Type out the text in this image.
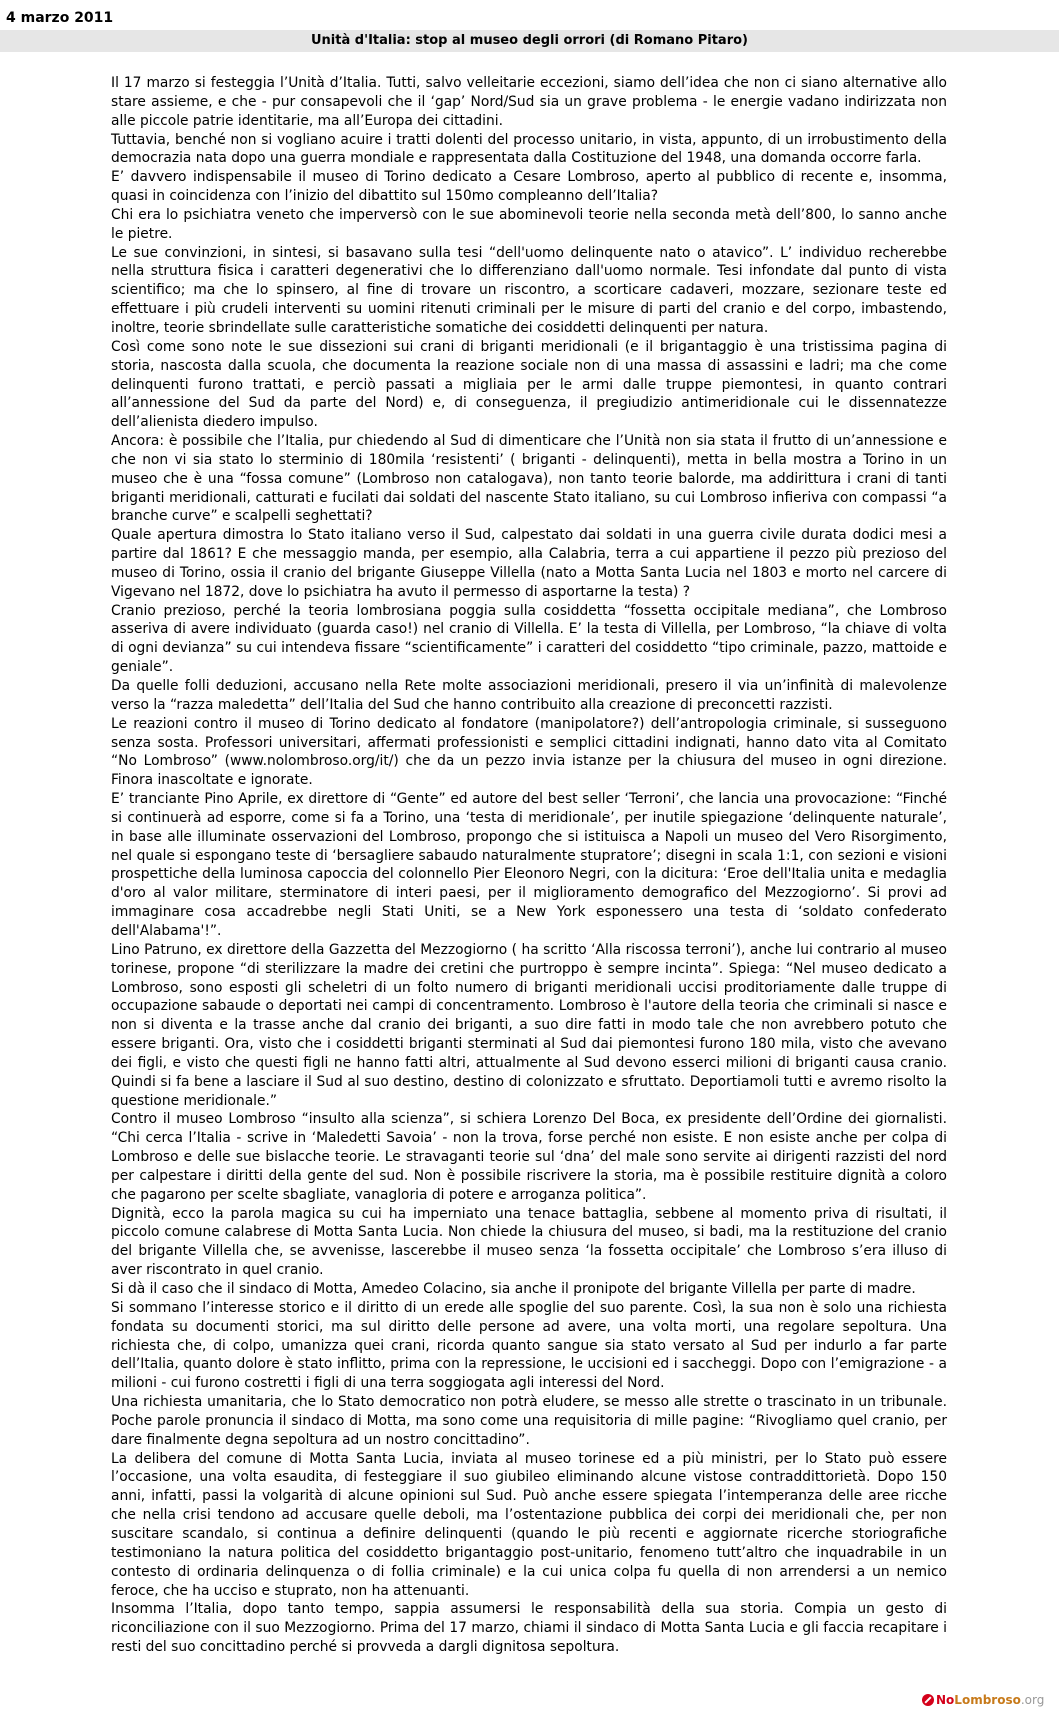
4 marzo 2011
Unità d'Italia: stop al museo degli orrori (di Romano Pitaro)

Il 17 marzo si festeggia l’Unità d’Italia. Tutti, salvo velleitarie eccezioni, siamo dell’idea che non ci siano alternative allo stare assieme, e che - pur consapevoli che il ‘gap’ Nord/Sud sia un grave problema - le energie vadano indirizzata non alle piccole patrie identitarie, ma all’Europa dei cittadini.

Tuttavia, benché non si vogliano acuire i tratti dolenti del processo unitario, in vista, appunto, di un irrobustimento della democrazia nata dopo una guerra mondiale e rappresentata dalla Costituzione del 1948, una domanda occorre farla.

E’ davvero indispensabile il museo di Torino dedicato a Cesare Lombroso, aperto al pubblico di recente e, insomma, quasi in coincidenza con l’inizio del dibattito sul 150mo compleanno dell’Italia?

Chi era lo psichiatra veneto che imperversò con le sue abominevoli teorie nella seconda metà dell’800, lo sanno anche le pietre.

Le sue convinzioni, in sintesi, si basavano sulla tesi “dell'uomo delinquente nato o atavico”. L’ individuo recherebbe nella struttura fisica i caratteri degenerativi che lo differenziano dall'uomo normale. Tesi infondate dal punto di vista scientifico; ma che lo spinsero, al fine di trovare un riscontro, a scorticare cadaveri, mozzare, sezionare teste ed effettuare i più crudeli interventi su uomini ritenuti criminali per le misure di parti del cranio e del corpo, imbastendo, inoltre, teorie sbrindellate sulle caratteristiche somatiche dei cosiddetti delinquenti per natura.

Così come sono note le sue dissezioni sui crani di briganti meridionali (e il brigantaggio è una tristissima pagina di storia, nascosta dalla scuola, che documenta la reazione sociale non di una massa di assassini e ladri; ma che come delinquenti furono trattati, e perciò passati a migliaia per le armi dalle truppe piemontesi, in quanto contrari all’annessione del Sud da parte del Nord) e, di conseguenza, il pregiudizio antimeridionale cui le dissennatezze dell’alienista diedero impulso.

Ancora: è possibile che l’Italia, pur chiedendo al Sud di dimenticare che l’Unità non sia stata il frutto di un’annessione e che non vi sia stato lo sterminio di 180mila ‘resistenti’ ( briganti - delinquenti), metta in bella mostra a Torino in un museo che è una “fossa comune” (Lombroso non catalogava), non tanto teorie balorde, ma addirittura i crani di tanti briganti meridionali, catturati e fucilati dai soldati del nascente Stato italiano, su cui Lombroso infieriva con compassi “a branche curve” e scalpelli seghettati?

Quale apertura dimostra lo Stato italiano verso il Sud, calpestato dai soldati in una guerra civile durata dodici mesi a partire dal 1861? E che messaggio manda, per esempio, alla Calabria, terra a cui appartiene il pezzo più prezioso del museo di Torino, ossia il cranio del brigante Giuseppe Villella (nato a Motta Santa Lucia nel 1803 e morto nel carcere di Vigevano nel 1872, dove lo psichiatra ha avuto il permesso di asportarne la testa) ?

Cranio prezioso, perché la teoria lombrosiana poggia sulla cosiddetta “fossetta occipitale mediana”, che Lombroso asseriva di avere individuato (guarda caso!) nel cranio di Villella. E’ la testa di Villella, per Lombroso, “la chiave di volta di ogni devianza” su cui intendeva fissare “scientificamente” i caratteri del cosiddetto “tipo criminale, pazzo, mattoide e geniale”.

Da quelle folli deduzioni, accusano nella Rete molte associazioni meridionali, presero il via un’infinità di malevolenze verso la “razza maledetta” dell’Italia del Sud che hanno contribuito alla creazione di preconcetti razzisti.

Le reazioni contro il museo di Torino dedicato al fondatore (manipolatore?) dell’antropologia criminale, si susseguono senza sosta. Professori universitari, affermati professionisti e semplici cittadini indignati, hanno dato vita al Comitato “No Lombroso” (www.nolombroso.org/it/) che da un pezzo invia istanze per la chiusura del museo in ogni direzione. Finora inascoltate e ignorate.

E’ tranciante Pino Aprile, ex direttore di “Gente” ed autore del best seller ‘Terroni’, che lancia una provocazione: “Finché si continuerà ad esporre, come si fa a Torino, una ‘testa di meridionale’, per inutile spiegazione ‘delinquente naturale’, in base alle illuminate osservazioni del Lombroso, propongo che si istituisca a Napoli un museo del Vero Risorgimento, nel quale si espongano teste di ‘bersagliere sabaudo naturalmente stupratore’; disegni in scala 1:1, con sezioni e visioni prospettiche della luminosa capoccia del colonnello Pier Eleonoro Negri, con la dicitura: ‘Eroe dell'Italia unita e medaglia d'oro al valor militare, sterminatore di interi paesi, per il miglioramento demografico del Mezzogiorno’. Si provi ad immaginare cosa accadrebbe negli Stati Uniti, se a New York esponessero una testa di ‘soldato confederato dell'Alabama'!”.

Lino Patruno, ex direttore della Gazzetta del Mezzogiorno ( ha scritto ‘Alla riscossa terroni’), anche lui contrario al museo torinese, propone “di sterilizzare la madre dei cretini che purtroppo è sempre incinta”. Spiega: “Nel museo dedicato a Lombroso, sono esposti gli scheletri di un folto numero di briganti meridionali uccisi proditoriamente dalle truppe di occupazione sabaude o deportati nei campi di concentramento. Lombroso è l'autore della teoria che criminali si nasce e non si diventa e la trasse anche dal cranio dei briganti, a suo dire fatti in modo tale che non avrebbero potuto che essere briganti. Ora, visto che i cosiddetti briganti sterminati al Sud dai piemontesi furono 180 mila, visto che avevano dei figli, e visto che questi figli ne hanno fatti altri, attualmente al Sud devono esserci milioni di briganti causa cranio. Quindi si fa bene a lasciare il Sud al suo destino, destino di colonizzato e sfruttato. Deportiamoli tutti e avremo risolto la questione meridionale.”

Contro il museo Lombroso “insulto alla scienza”, si schiera Lorenzo Del Boca, ex presidente dell’Ordine dei giornalisti. “Chi cerca l’Italia - scrive in ‘Maledetti Savoia’ - non la trova, forse perché non esiste. E non esiste anche per colpa di Lombroso e delle sue bislacche teorie. Le stravaganti teorie sul ‘dna’ del male sono servite ai dirigenti razzisti del nord per calpestare i diritti della gente del sud. Non è possibile riscrivere la storia, ma è possibile restituire dignità a coloro che pagarono per scelte sbagliate, vanagloria di potere e arroganza politica”.

Dignità, ecco la parola magica su cui ha imperniato una tenace battaglia, sebbene al momento priva di risultati, il piccolo comune calabrese di Motta Santa Lucia. Non chiede la chiusura del museo, si badi, ma la restituzione del cranio del brigante Villella che, se avvenisse, lascerebbe il museo senza ‘la fossetta occipitale’ che Lombroso s’era illuso di aver riscontrato in quel cranio.

Si dà il caso che il sindaco di Motta, Amedeo Colacino, sia anche il pronipote del brigante Villella per parte di madre.

Si sommano l’interesse storico e il diritto di un erede alle spoglie del suo parente. Così, la sua non è solo una richiesta fondata su documenti storici, ma sul diritto delle persone ad avere, una volta morti, una regolare sepoltura. Una richiesta che, di colpo, umanizza quei crani, ricorda quanto sangue sia stato versato al Sud per indurlo a far parte dell’Italia, quanto dolore è stato inflitto, prima con la repressione, le uccisioni ed i saccheggi. Dopo con l’emigrazione - a milioni - cui furono costretti i figli di una terra soggiogata agli interessi del Nord.

Una richiesta umanitaria, che lo Stato democratico non potrà eludere, se messo alle strette o trascinato in un tribunale. Poche parole pronuncia il sindaco di Motta, ma sono come una requisitoria di mille pagine: “Rivogliamo quel cranio, per dare finalmente degna sepoltura ad un nostro concittadino”.

La delibera del comune di Motta Santa Lucia, inviata al museo torinese ed a più ministri, per lo Stato può essere l’occasione, una volta esaudita, di festeggiare il suo giubileo eliminando alcune vistose contraddittorietà. Dopo 150 anni, infatti, passi la volgarità di alcune opinioni sul Sud. Può anche essere spiegata l’intemperanza delle aree ricche che nella crisi tendono ad accusare quelle deboli, ma l’ostentazione pubblica dei corpi dei meridionali che, per non suscitare scandalo, si continua a definire delinquenti (quando le più recenti e aggiornate ricerche storiografiche testimoniano la natura politica del cosiddetto brigantaggio post-unitario, fenomeno tutt’altro che inquadrabile in un contesto di ordinaria delinquenza o di follia criminale) e la cui unica colpa fu quella di non arrendersi a un nemico feroce, che ha ucciso e stuprato, non ha attenuanti.

Insomma l’Italia, dopo tanto tempo, sappia assumersi le responsabilità della sua storia. Compia un gesto di riconciliazione con il suo Mezzogiorno. Prima del 17 marzo, chiami il sindaco di Motta Santa Lucia e gli faccia recapitare i resti del suo concittadino perché si provveda a dargli dignitosa sepoltura.

No Lombroso .org
